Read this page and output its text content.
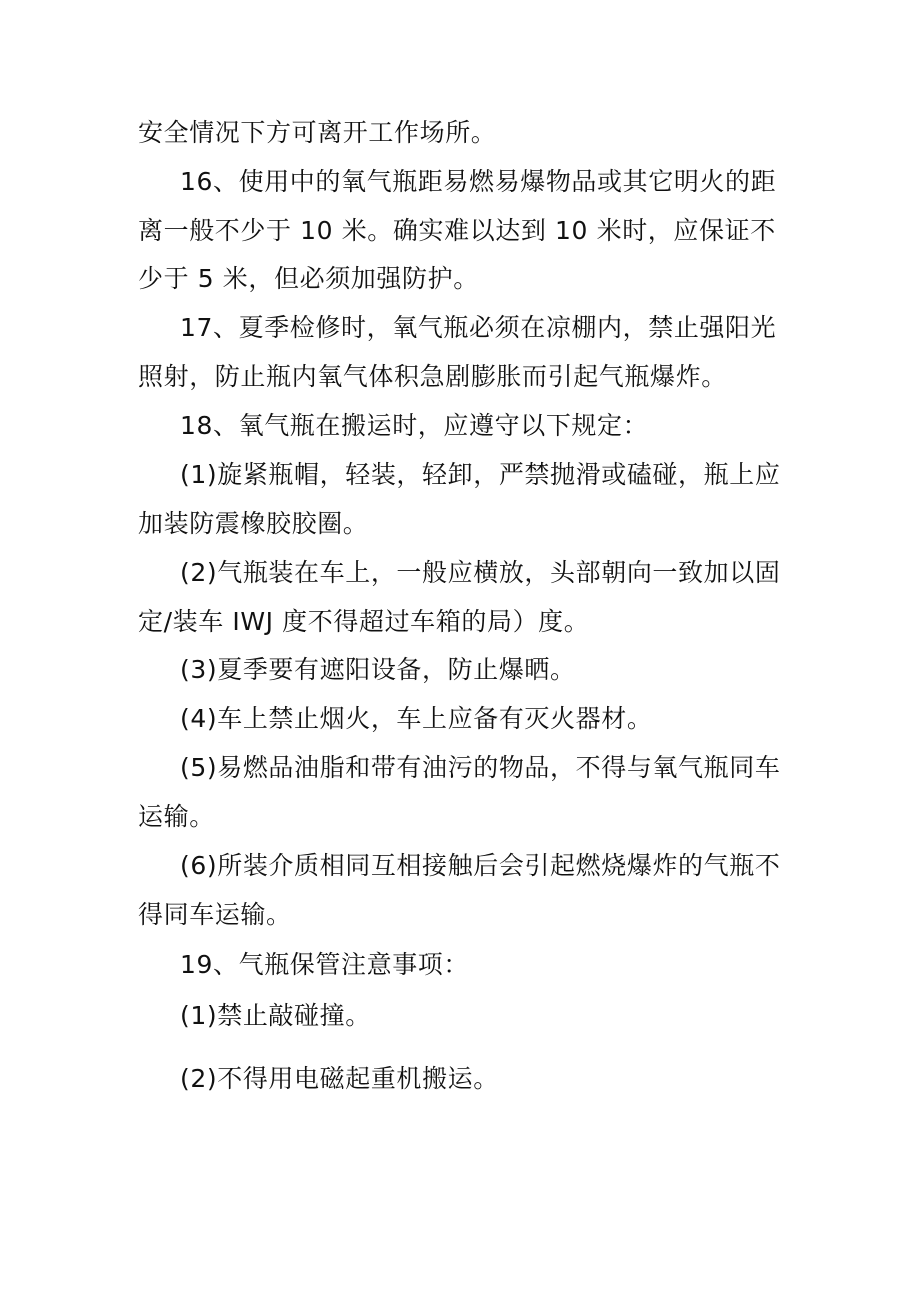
安全情况下方可离开工作场所。

16、使用中的氧气瓶距易燃易爆物品或其它明火的距离一般不少于 10 米。确实难以达到 10 米时，应保证不少于 5 米，但必须加强防护。

17、夏季检修时，氧气瓶必须在凉棚内，禁止强阳光照射，防止瓶内氧气体积急剧膨胀而引起气瓶爆炸。

18、氧气瓶在搬运时，应遵守以下规定：

(1)旋紧瓶帽，轻装，轻卸，严禁抛滑或磕碰，瓶上应加装防震橡胶胶圈。

(2)气瓶装在车上，一般应横放，头部朝向一致加以固定/装车 IWJ 度不得超过车箱的局）度。

(3)夏季要有遮阳设备，防止爆晒。

(4)车上禁止烟火，车上应备有灭火器材。

(5)易燃品油脂和带有油污的物品，不得与氧气瓶同车运输。

(6)所装介质相同互相接触后会引起燃烧爆炸的气瓶不得同车运输。

19、气瓶保管注意事项：

(1)禁止敲碰撞。

(2)不得用电磁起重机搬运。
